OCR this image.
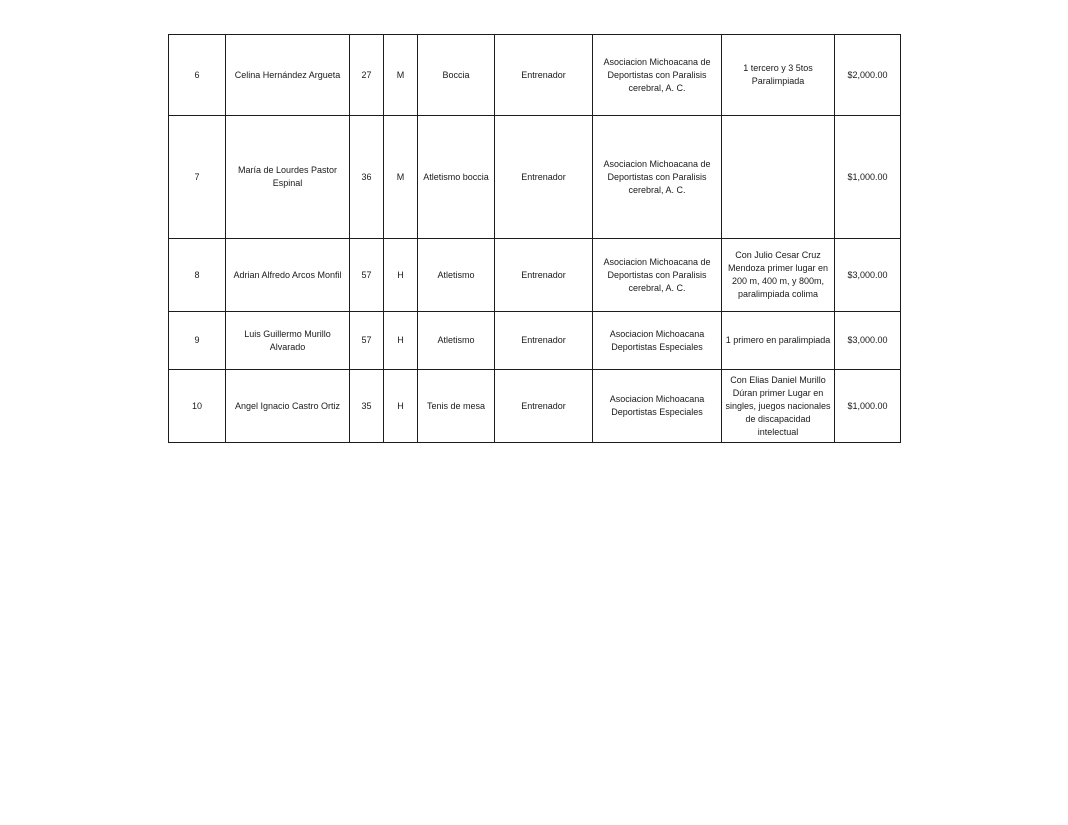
6	Celina Hernández Argueta	27	M	Boccia	Entrenador	Asociacion Michoacana de Deportistas con Paralisis cerebral, A. C.	1 tercero y 3 5tos Paralimpiada	$2,000.00
7	María de Lourdes Pastor Espinal	36	M	Atletismo boccia	Entrenador	Asociacion Michoacana de Deportistas con Paralisis cerebral, A. C.		$1,000.00
8	Adrian Alfredo Arcos Monfil	57	H	Atletismo	Entrenador	Asociacion Michoacana de Deportistas con Paralisis cerebral, A. C.	Con Julio Cesar Cruz Mendoza primer lugar en 200 m, 400 m, y 800m, paralimpiada colima	$3,000.00
9	Luis Guillermo Murillo Alvarado	57	H	Atletismo	Entrenador	Asociacion Michoacana Deportistas Especiales	1 primero en paralimpiada	$3,000.00
10	Angel Ignacio Castro Ortiz	35	H	Tenis de mesa	Entrenador	Asociacion Michoacana Deportistas Especiales	Con Elias Daniel Murillo Dúran primer Lugar en singles, juegos nacionales de discapacidad intelectual	$1,000.00
